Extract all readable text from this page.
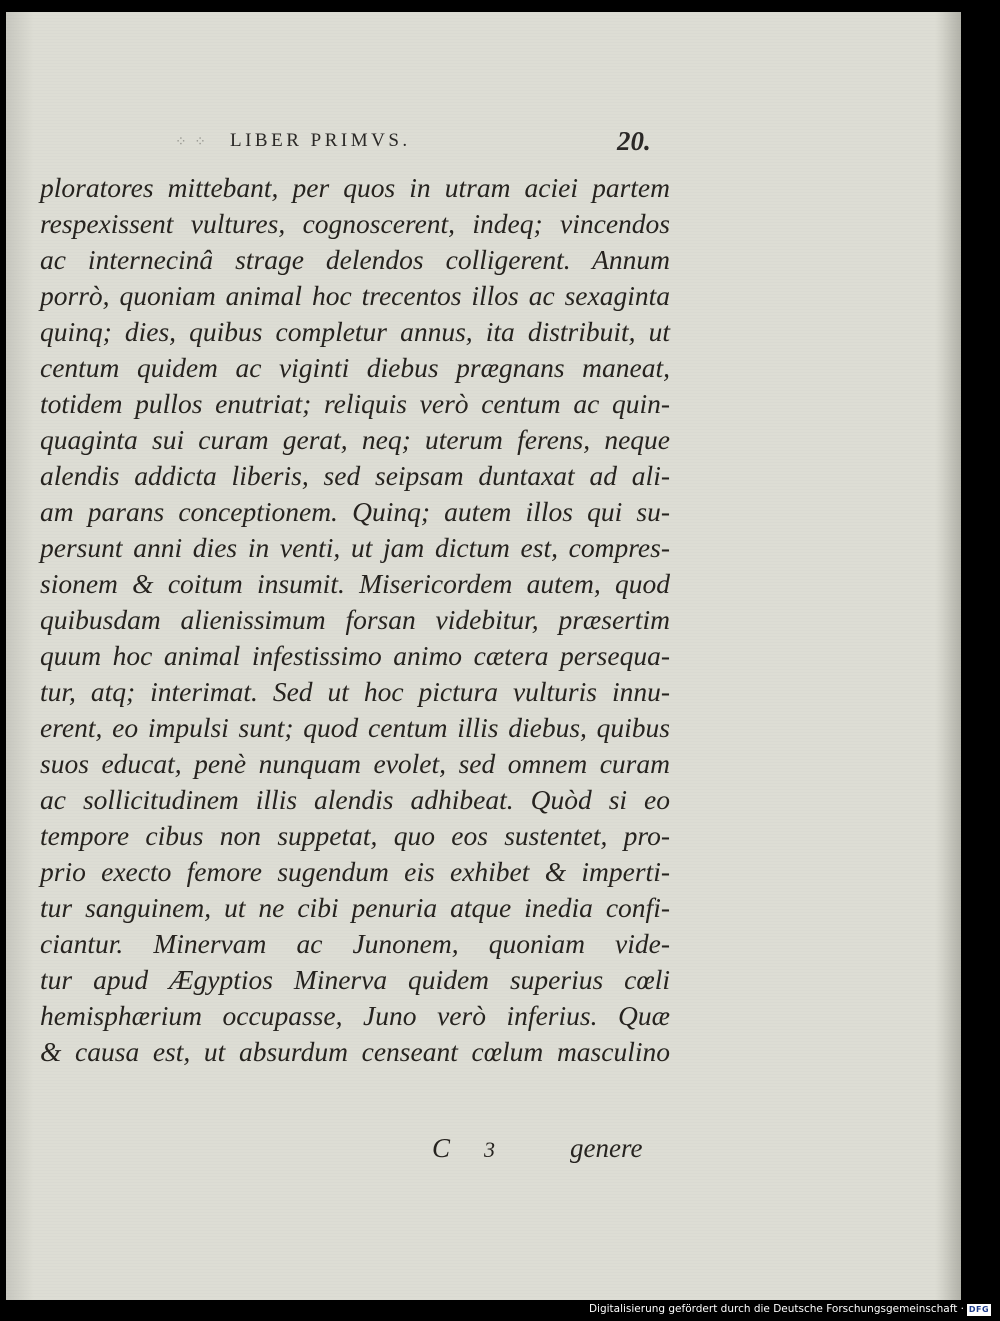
⁘ ⁘ LIBER PRIMVS.	20.
ploratores mittebant, per quos in utram aciei partem
respexissent vultures, cognoscerent, indeq; vincendos
ac internecinâ strage delendos colligerent. Annum
porrò, quoniam animal hoc trecentos illos ac sexaginta
quinq; dies, quibus completur annus, ita distribuit, ut
centum quidem ac viginti diebus prægnans maneat,
totidem pullos enutriat; reliquis verò centum ac quin-
quaginta sui curam gerat, neq; uterum ferens, neque
alendis addicta liberis, sed seipsam duntaxat ad ali-
am parans conceptionem. Quinq; autem illos qui su-
persunt anni dies in venti, ut jam dictum est, compres-
sionem & coitum insumit. Misericordem autem, quod
quibusdam alienissimum forsan videbitur, præsertim
quum hoc animal infestissimo animo cætera persequa-
tur, atq; interimat. Sed ut hoc pictura vulturis innu-
erent, eo impulsi sunt; quod centum illis diebus, quibus
suos educat, penè nunquam evolet, sed omnem curam
ac sollicitudinem illis alendis adhibeat. Quòd si eo
tempore cibus non suppetat, quo eos sustentet, pro-
prio execto femore sugendum eis exhibet & imperti-
tur sanguinem, ut ne cibi penuria atque inedia confi-
ciantur. Minervam ac Junonem, quoniam vide-
tur apud Ægyptios Minerva quidem superius cœli
hemisphærium occupasse, Juno verò inferius. Quæ
& causa est, ut absurdum censeant cœlum masculino
C 3	genere
Digitalisierung gefördert durch die Deutsche Forschungsgemeinschaft · DFG
